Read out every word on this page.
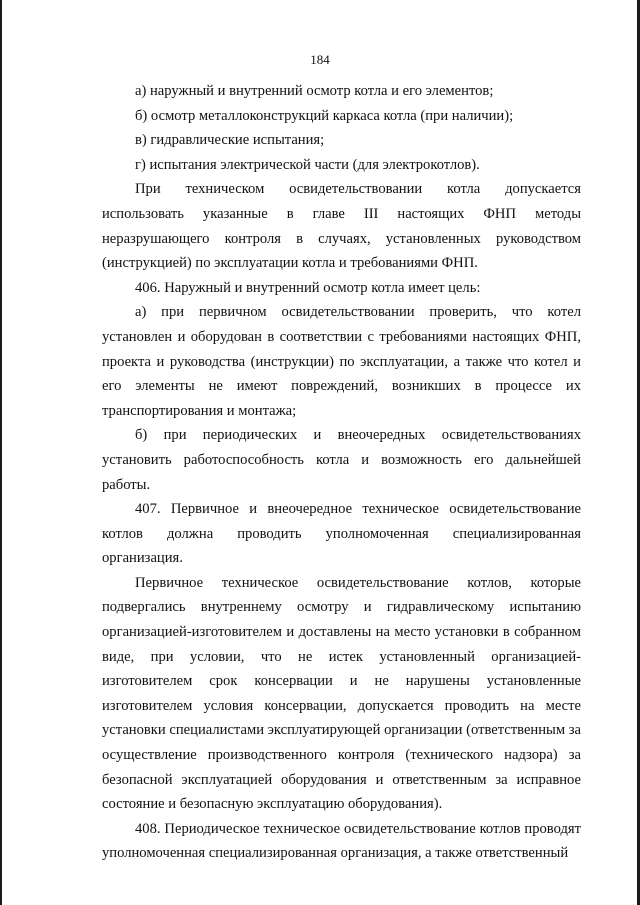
184

а) наружный и внутренний осмотр котла и его элементов;

б) осмотр металлоконструкций каркаса котла (при наличии);

в) гидравлические испытания;

г) испытания электрической части (для электрокотлов).

При техническом освидетельствовании котла допускается использовать указанные в главе III настоящих ФНП методы неразрушающего контроля в случаях, установленных руководством (инструкцией) по эксплуатации котла и требованиями ФНП.

406. Наружный и внутренний осмотр котла имеет цель:

а) при первичном освидетельствовании проверить, что котел установлен и оборудован в соответствии с требованиями настоящих ФНП, проекта и руководства (инструкции) по эксплуатации, а также что котел и его элементы не имеют повреждений, возникших в процессе их транспортирования и монтажа;

б) при периодических и внеочередных освидетельствованиях установить работоспособность котла и возможность его дальнейшей работы.

407. Первичное и внеочередное техническое освидетельствование котлов должна проводить уполномоченная специализированная организация.

Первичное техническое освидетельствование котлов, которые подвергались внутреннему осмотру и гидравлическому испытанию организацией-изготовителем и доставлены на место установки в собранном виде, при условии, что не истек установленный организацией-изготовителем срок консервации и не нарушены установленные изготовителем условия консервации, допускается проводить на месте установки специалистами эксплуатирующей организации (ответственным за осуществление производственного контроля (технического надзора) за безопасной эксплуатацией оборудования и ответственным за исправное состояние и безопасную эксплуатацию оборудования).

408. Периодическое техническое освидетельствование котлов проводят уполномоченная специализированная организация, а также ответственный
